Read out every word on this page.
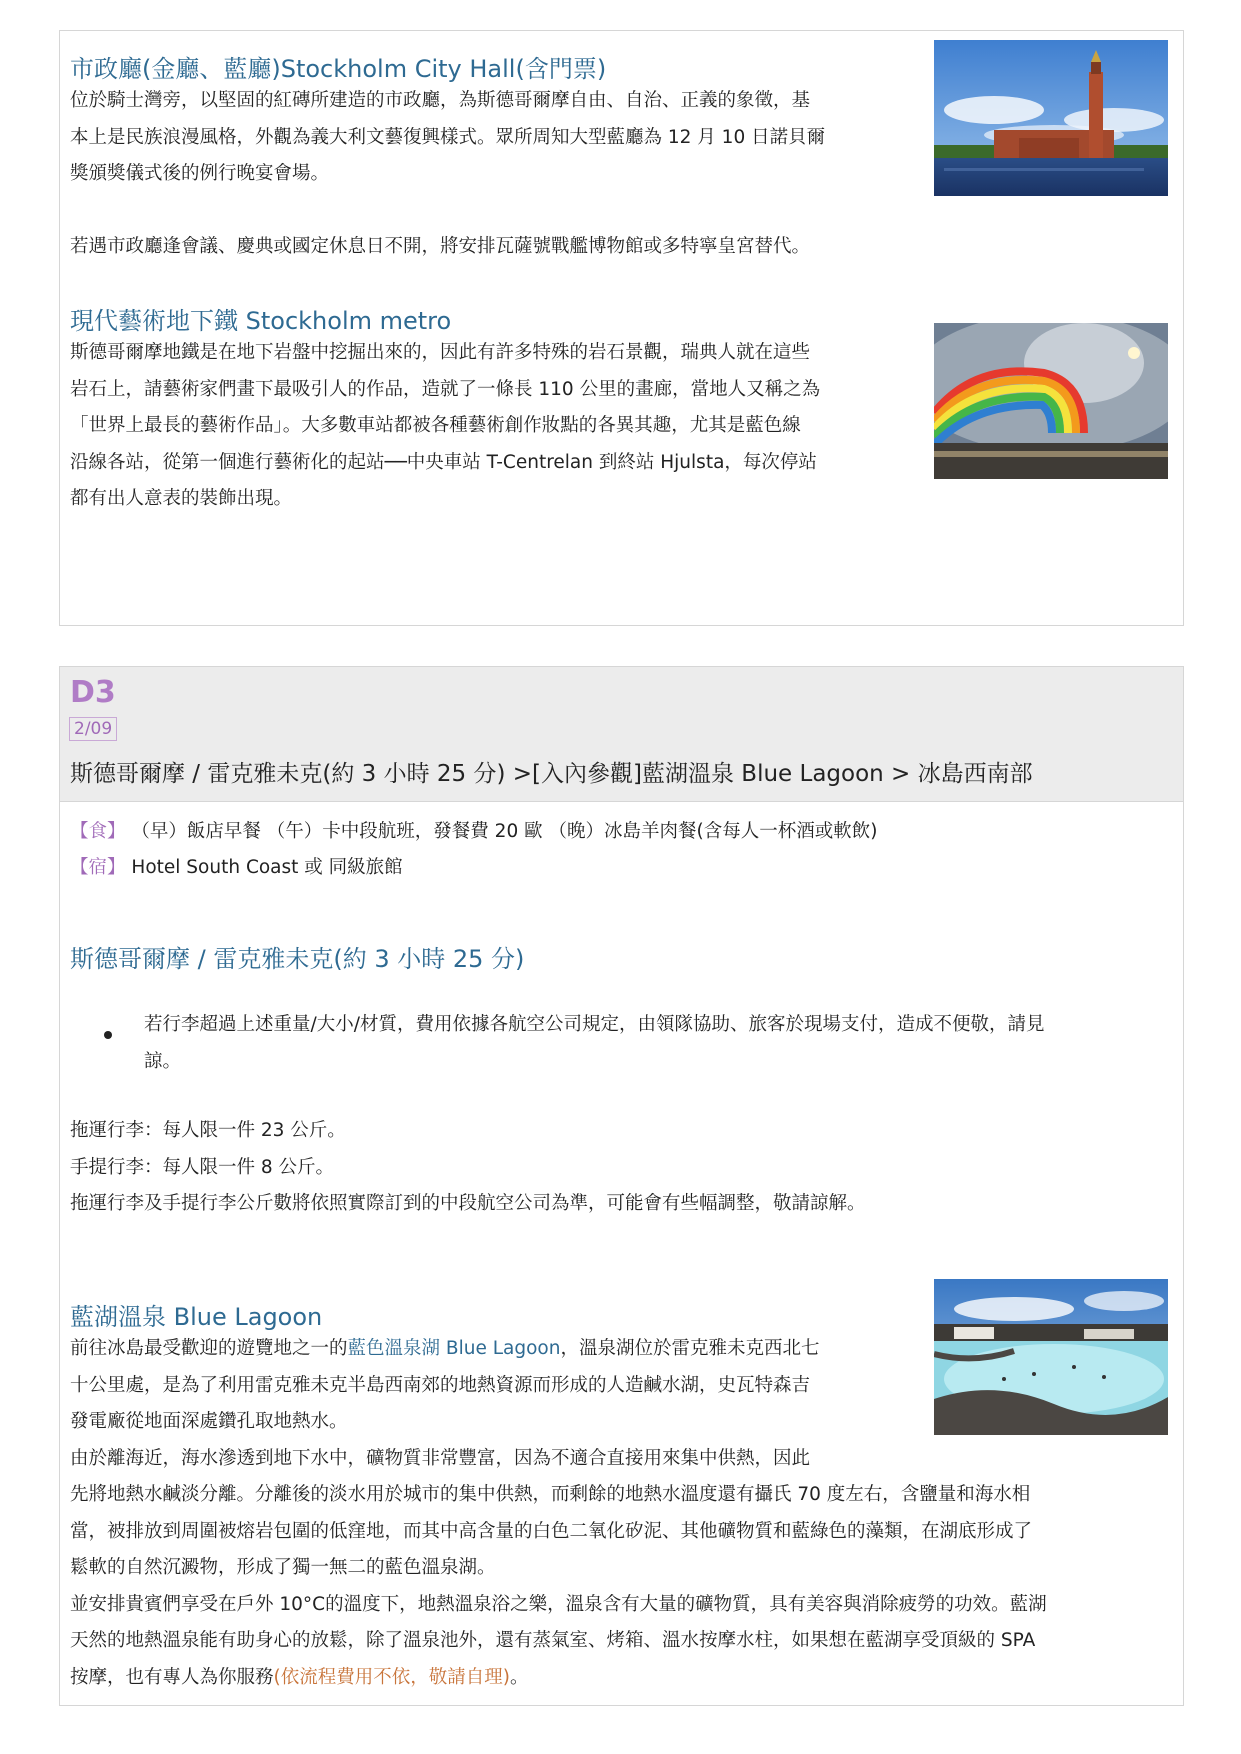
市政廳(金廳、藍廳)Stockholm City Hall(含門票)
位於騎士灣旁，以堅固的紅磚所建造的市政廳，為斯德哥爾摩自由、自治、正義的象徵，基
本上是民族浪漫風格，外觀為義大利文藝復興樣式。眾所周知大型藍廳為 12 月 10 日諾貝爾
獎頒獎儀式後的例行晚宴會場。
若遇市政廳逢會議、慶典或國定休息日不開，將安排瓦薩號戰艦博物館或多特寧皇宮替代。
現代藝術地下鐵 Stockholm metro
斯德哥爾摩地鐵是在地下岩盤中挖掘出來的，因此有許多特殊的岩石景觀，瑞典人就在這些
岩石上，請藝術家們畫下最吸引人的作品，造就了一條長 110 公里的畫廊，當地人又稱之為
「世界上最長的藝術作品」。大多數車站都被各種藝術創作妝點的各異其趣，尤其是藍色線
沿線各站，從第一個進行藝術化的起站──中央車站 T-Centrelan 到終站 Hjulsta，每次停站
都有出人意表的裝飾出現。
D3
2/09
斯德哥爾摩 / 雷克雅未克(約 3 小時 25 分) >[入內參觀]藍湖溫泉 Blue Lagoon > 冰島西南部
【食】 （早）飯店早餐 （午）卡中段航班，發餐費 20 歐 （晚）冰島羊肉餐(含每人一杯酒或軟飲)
【宿】 Hotel South Coast 或 同級旅館
斯德哥爾摩 / 雷克雅未克(約 3 小時 25 分)
若行李超過上述重量/大小/材質，費用依據各航空公司規定，由領隊協助、旅客於現場支付，造成不便敬，請見
諒。
拖運行李：每人限一件 23 公斤。
手提行李：每人限一件 8 公斤。
拖運行李及手提行李公斤數將依照實際訂到的中段航空公司為準，可能會有些幅調整，敬請諒解。
藍湖溫泉 Blue Lagoon
前往冰島最受歡迎的遊覽地之一的藍色溫泉湖 Blue Lagoon，溫泉湖位於雷克雅未克西北七
十公里處，是為了利用雷克雅未克半島西南郊的地熱資源而形成的人造鹹水湖，史瓦特森吉
發電廠從地面深處鑽孔取地熱水。
由於離海近，海水滲透到地下水中，礦物質非常豐富，因為不適合直接用來集中供熱，因此
先將地熱水鹹淡分離。分離後的淡水用於城市的集中供熱，而剩餘的地熱水溫度還有攝氏 70 度左右，含鹽量和海水相
當，被排放到周圍被熔岩包圍的低窪地，而其中高含量的白色二氧化矽泥、其他礦物質和藍綠色的藻類，在湖底形成了
鬆軟的自然沉澱物，形成了獨一無二的藍色溫泉湖。
並安排貴賓們享受在戶外 10°C的溫度下，地熱溫泉浴之樂，溫泉含有大量的礦物質，具有美容與消除疲勞的功效。藍湖
天然的地熱溫泉能有助身心的放鬆，除了溫泉池外，還有蒸氣室、烤箱、溫水按摩水柱，如果想在藍湖享受頂級的 SPA
按摩，也有專人為你服務(依流程費用不依，敬請自理)。
